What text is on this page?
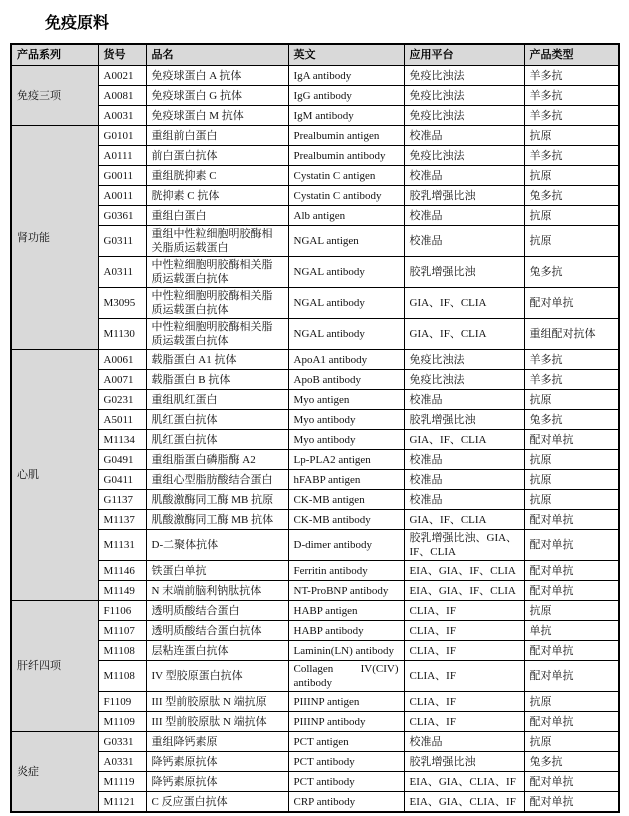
免疫原料
产品系列	货号	品名	英文	应用平台	产品类型
免疫三项	A0021	免疫球蛋白 A 抗体	IgA antibody	免疫比浊法	羊多抗
	A0081	免疫球蛋白 G 抗体	IgG antibody	免疫比浊法	羊多抗
	A0031	免疫球蛋白 M 抗体	IgM antibody	免疫比浊法	羊多抗
肾功能	G0101	重组前白蛋白	Prealbumin antigen	校准品	抗原
	A0111	前白蛋白抗体	Prealbumin antibody	免疫比浊法	羊多抗
	G0011	重组胱抑素 C	Cystatin C antigen	校准品	抗原
	A0011	胱抑素 C 抗体	Cystatin C antibody	胶乳增强比浊	兔多抗
	G0361	重组白蛋白	Alb antigen	校准品	抗原
	G0311	重组中性粒细胞明胶酶相关脂质运载蛋白	NGAL antigen	校准品	抗原
	A0311	中性粒细胞明胶酶相关脂质运载蛋白抗体	NGAL antibody	胶乳增强比浊	兔多抗
	M3095	中性粒细胞明胶酶相关脂质运载蛋白抗体	NGAL antibody	GIA、IF、CLIA	配对单抗
	M1130	中性粒细胞明胶酶相关脂质运载蛋白抗体	NGAL antibody	GIA、IF、CLIA	重组配对抗体
心肌	A0061	载脂蛋白 A1 抗体	ApoA1 antibody	免疫比浊法	羊多抗
	A0071	载脂蛋白 B 抗体	ApoB antibody	免疫比浊法	羊多抗
	G0231	重组肌红蛋白	Myo antigen	校准品	抗原
	A5011	肌红蛋白抗体	Myo antibody	胶乳增强比浊	兔多抗
	M1134	肌红蛋白抗体	Myo antibody	GIA、IF、CLIA	配对单抗
	G0491	重组脂蛋白磷脂酶 A2	Lp-PLA2 antigen	校准品	抗原
	G0411	重组心型脂肪酸结合蛋白	hFABP antigen	校准品	抗原
	G1137	肌酸激酶同工酶 MB 抗原	CK-MB antigen	校准品	抗原
	M1137	肌酸激酶同工酶 MB 抗体	CK-MB antibody	GIA、IF、CLIA	配对单抗
	M1131	D-二聚体抗体	D-dimer antibody	胶乳增强比浊、GIA、IF、CLIA	配对单抗
	M1146	铁蛋白单抗	Ferritin antibody	EIA、GIA、IF、CLIA	配对单抗
	M1149	N 末端前脑利钠肽抗体	NT-ProBNP antibody	EIA、GIA、IF、CLIA	配对单抗
肝纤四项	F1106	透明质酸结合蛋白	HABP antigen	CLIA、IF	抗原
	M1107	透明质酸结合蛋白抗体	HABP antibody	CLIA、IF	单抗
	M1108	层粘连蛋白抗体	Laminin(LN) antibody	CLIA、IF	配对单抗
	M1108	IV 型胶原蛋白抗体	Collagen IV(CIV) antibody	CLIA、IF	配对单抗
	F1109	III 型前胶原肽 N 端抗原	PIIINP antigen	CLIA、IF	抗原
	M1109	III 型前胶原肽 N 端抗体	PIIINP antibody	CLIA、IF	配对单抗
炎症	G0331	重组降钙素原	PCT antigen	校准品	抗原
	A0331	降钙素原抗体	PCT antibody	胶乳增强比浊	兔多抗
	M1119	降钙素原抗体	PCT antibody	EIA、GIA、CLIA、IF	配对单抗
	M1121	C 反应蛋白抗体	CRP antibody	EIA、GIA、CLIA、IF	配对单抗
